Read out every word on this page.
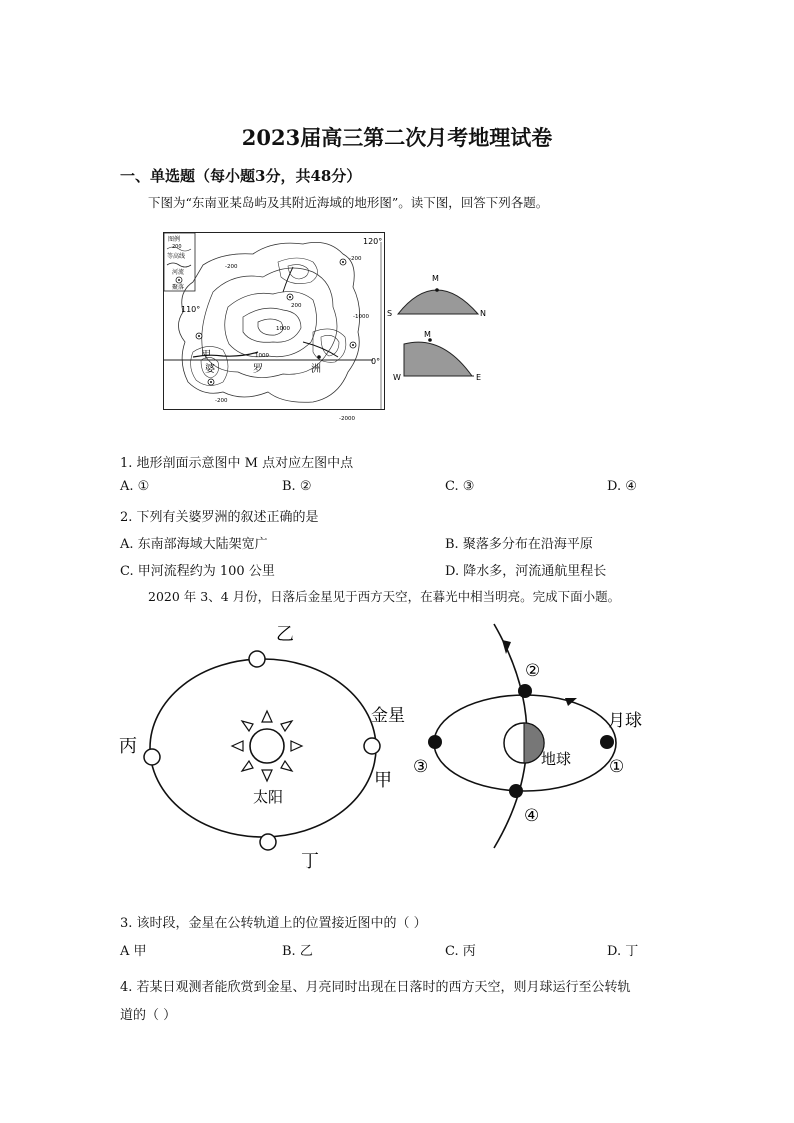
2023届高三第二次月考地理试卷
一、单选题（每小题3分，共48分）
下图为“东南亚某岛屿及其附近海域的地形图”。读下图，回答下列各题。
图例
200
等高线
河流
聚落
120°
110°
0°
-200
-200
-1000
-200
-2000
1000
1000
200
甲
婆	罗	洲
M
S	N
M
W	E
1. 地形剖面示意图中 M 点对应左图中点
A. ①	B. ②	C. ③	D. ④
2. 下列有关婆罗洲的叙述正确的是
A. 东南部海域大陆架宽广	B. 聚落多分布在沿海平原
C. 甲河流程约为 100 公里	D. 降水多，河流通航里程长
2020 年 3、4 月份，日落后金星见于西方天空，在暮光中相当明亮。完成下面小题。
太阳
乙
丙
金星
甲
丁
地球
②
③	①
④
月球
3. 该时段，金星在公转轨道上的位置接近图中的（ ）
A 甲	B. 乙	C. 丙	D. 丁
4. 若某日观测者能欣赏到金星、月亮同时出现在日落时的西方天空，则月球运行至公转轨
道的（ ）
